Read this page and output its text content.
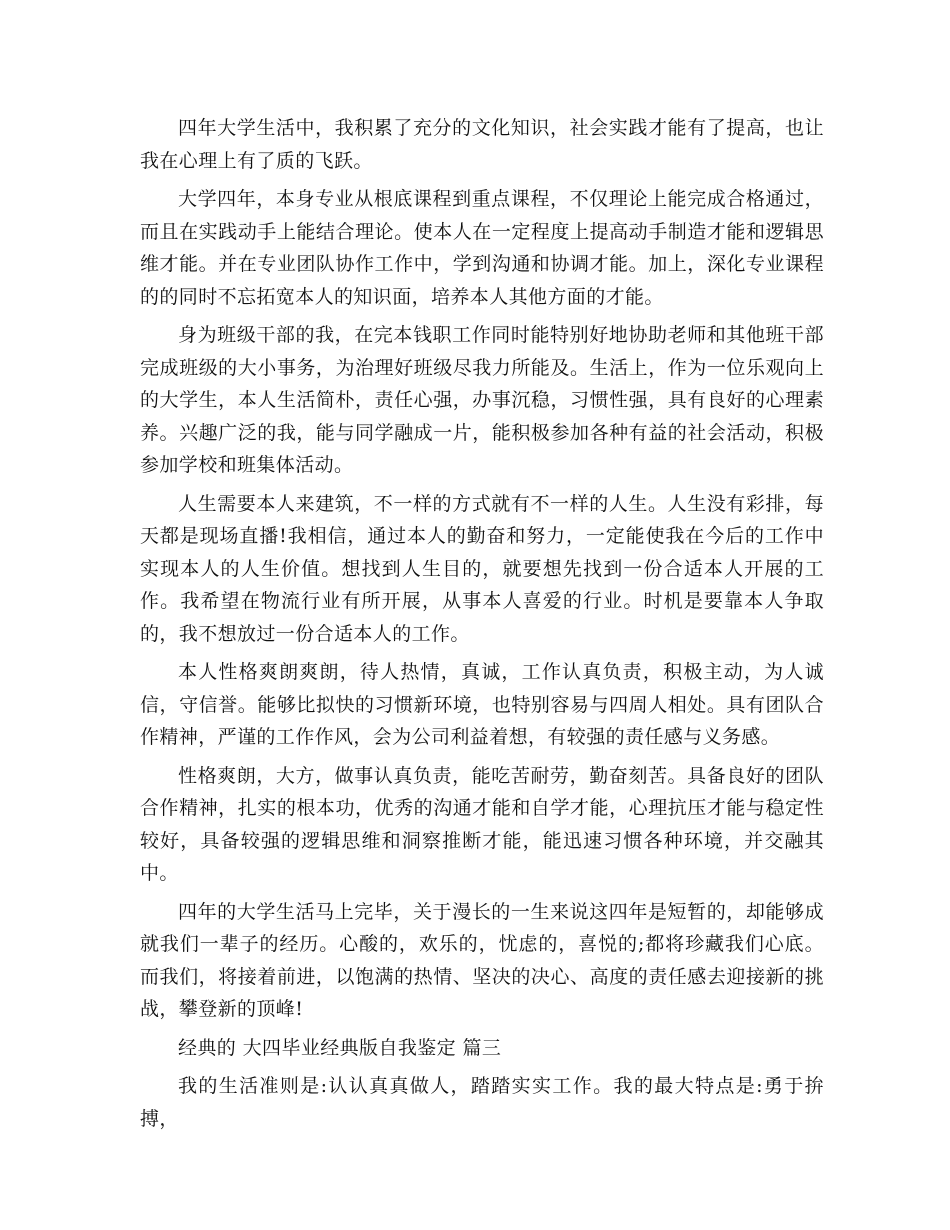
四年大学生活中，我积累了充分的文化知识，社会实践才能有了提高，也让我在心理上有了质的飞跃。

大学四年，本身专业从根底课程到重点课程，不仅理论上能完成合格通过，而且在实践动手上能结合理论。使本人在一定程度上提高动手制造才能和逻辑思维才能。并在专业团队协作工作中，学到沟通和协调才能。加上，深化专业课程的的同时不忘拓宽本人的知识面，培养本人其他方面的才能。

身为班级干部的我，在完本钱职工作同时能特别好地协助老师和其他班干部完成班级的大小事务，为治理好班级尽我力所能及。生活上，作为一位乐观向上的大学生，本人生活简朴，责任心强，办事沉稳，习惯性强，具有良好的心理素养。兴趣广泛的我，能与同学融成一片，能积极参加各种有益的社会活动，积极参加学校和班集体活动。

人生需要本人来建筑，不一样的方式就有不一样的人生。人生没有彩排，每天都是现场直播!我相信，通过本人的勤奋和努力，一定能使我在今后的工作中实现本人的人生价值。想找到人生目的，就要想先找到一份合适本人开展的工作。我希望在物流行业有所开展，从事本人喜爱的行业。时机是要靠本人争取的，我不想放过一份合适本人的工作。

本人性格爽朗爽朗，待人热情，真诚，工作认真负责，积极主动，为人诚信，守信誉。能够比拟快的习惯新环境，也特别容易与四周人相处。具有团队合作精神，严谨的工作作风，会为公司利益着想，有较强的责任感与义务感。

性格爽朗，大方，做事认真负责，能吃苦耐劳，勤奋刻苦。具备良好的团队合作精神，扎实的根本功，优秀的沟通才能和自学才能，心理抗压才能与稳定性较好，具备较强的逻辑思维和洞察推断才能，能迅速习惯各种环境，并交融其中。

四年的大学生活马上完毕，关于漫长的一生来说这四年是短暂的，却能够成就我们一辈子的经历。心酸的，欢乐的，忧虑的，喜悦的;都将珍藏我们心底。而我们，将接着前进，以饱满的热情、坚决的决心、高度的责任感去迎接新的挑战，攀登新的顶峰!

经典的 大四毕业经典版自我鉴定 篇三

我的生活准则是:认认真真做人，踏踏实实工作。我的最大特点是:勇于拚搏，
